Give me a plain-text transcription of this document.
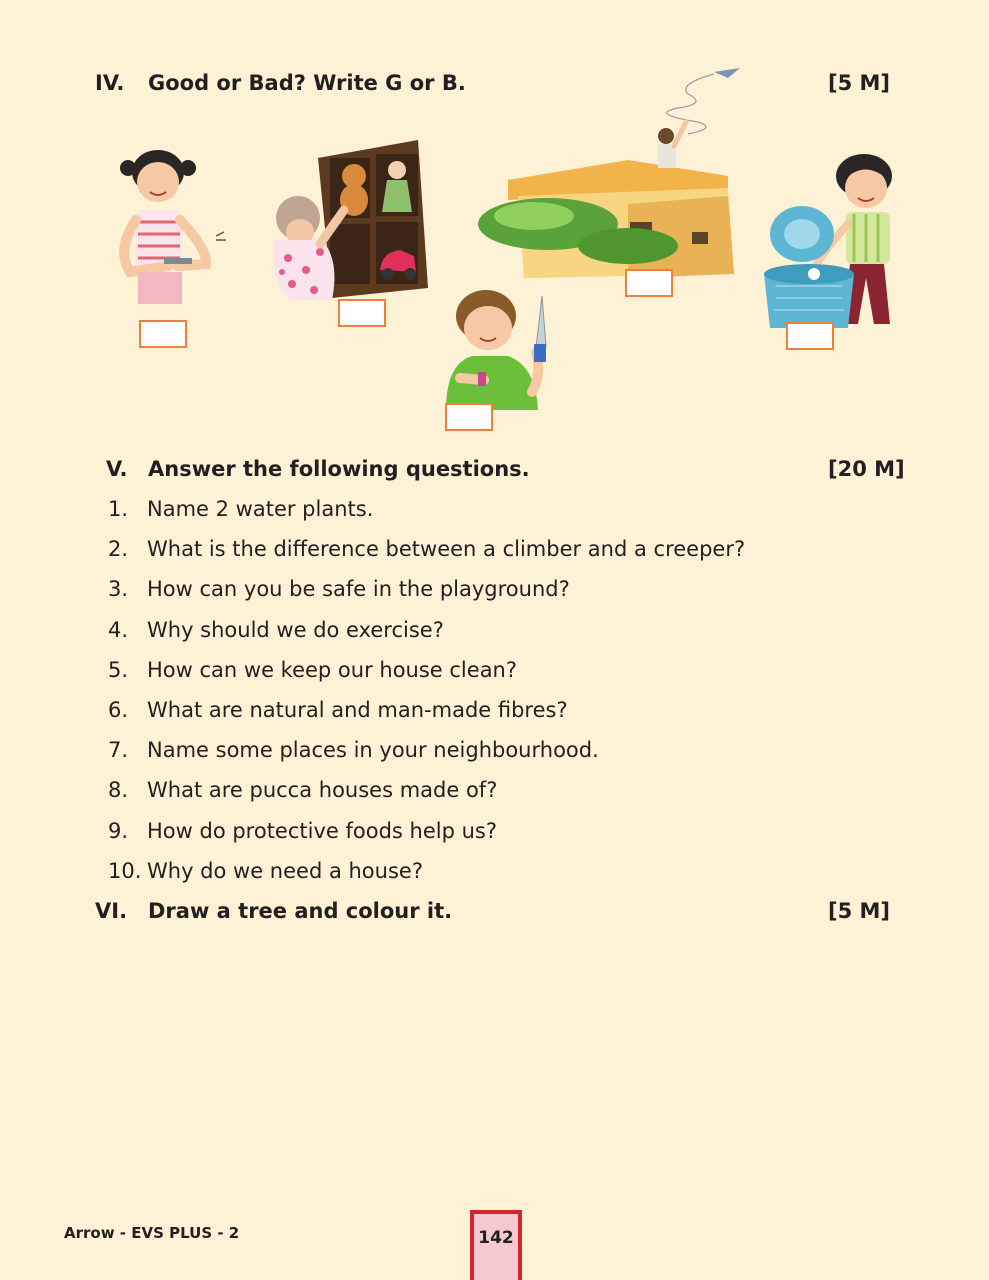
IV. Good or Bad? Write G or B.	[5 M]
V. Answer the following questions.	[20 M]
1. Name 2 water plants.
2. What is the difference between a climber and a creeper?
3. How can you be safe in the playground?
4. Why should we do exercise?
5. How can we keep our house clean?
6. What are natural and man-made fibres?
7. Name some places in your neighbourhood.
8. What are pucca houses made of?
9. How do protective foods help us?
10. Why do we need a house?
VI. Draw a tree and colour it.	[5 M]
Arrow - EVS PLUS - 2	142
